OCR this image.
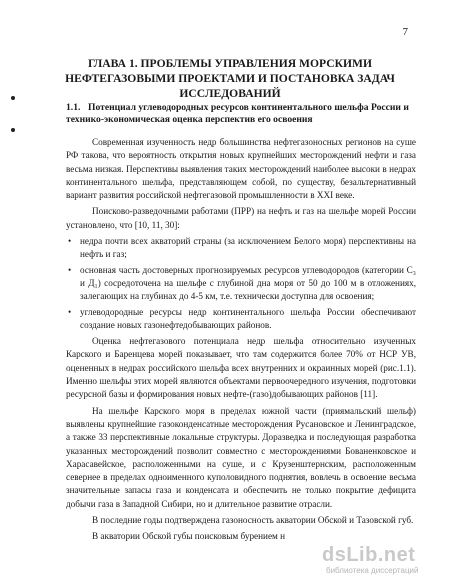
7
ГЛАВА 1. ПРОБЛЕМЫ УПРАВЛЕНИЯ МОРСКИМИ НЕФТЕГАЗОВЫМИ ПРОЕКТАМИ И ПОСТАНОВКА ЗАДАЧ ИССЛЕДОВАНИЙ
1.1. Потенциал углеводородных ресурсов континентального шельфа России и технико-экономическая оценка перспектив его освоения

Современная изученность недр большинства нефтегазоносных регионов на суше РФ такова, что вероятность открытия новых крупнейших месторождений нефти и газа весьма низкая. Перспективы выявления таких месторождений наиболее высоки в недрах континентального шельфа, представляющем собой, по существу, безальтернативный вариант развития российской нефтегазовой промышленности в XXI веке.

Поисково-разведочными работами (ПРР) на нефть и газ на шельфе морей России установлено, что [10, 11, 30]:

• недра почти всех акваторий страны (за исключением Белого моря) перспективны на нефть и газ;
• основная часть достоверных прогнозируемых ресурсов углеводородов (категории C₃ и Д₁) сосредоточена на шельфе с глубиной дна моря от 50 до 100 м в отложениях, залегающих на глубинах до 4-5 км, т.е. технически доступна для освоения;
• углеводородные ресурсы недр континентального шельфа России обеспечивают создание новых газонефтедобывающих районов.

Оценка нефтегазового потенциала недр шельфа относительно изученных Карского и Баренцева морей показывает, что там содержится более 70% от НСР УВ, оцененных в недрах российского шельфа всех внутренних и окраинных морей (рис.1.1). Именно шельфы этих морей являются объектами первоочередного изучения, подготовки ресурсной базы и формирования новых нефте-(газо)добывающих районов [11].

На шельфе Карского моря в пределах южной части (приямальский шельф) выявлены крупнейшие газоконденсатные месторождения Русановское и Ленинградское, а также 33 перспективные локальные структуры. Доразведка и последующая разработка указанных месторождений позволит совместно с месторождениями Бованенковское и Харасавейское, расположенными на суше, и с Крузенштернским, расположенным севернее в пределах одноименного куполовидного поднятия, вовлечь в освоение весьма значительные запасы газа и конденсата и обеспечить не только покрытие дефицита добычи газа в Западной Сибири, но и длительное развитие отрасли.

В последние годы подтверждена газоносность акватории Обской и Тазовской губ.

В акватории Обской губы поисковым бурением н

dsLib.net
библиотека диссертаций
